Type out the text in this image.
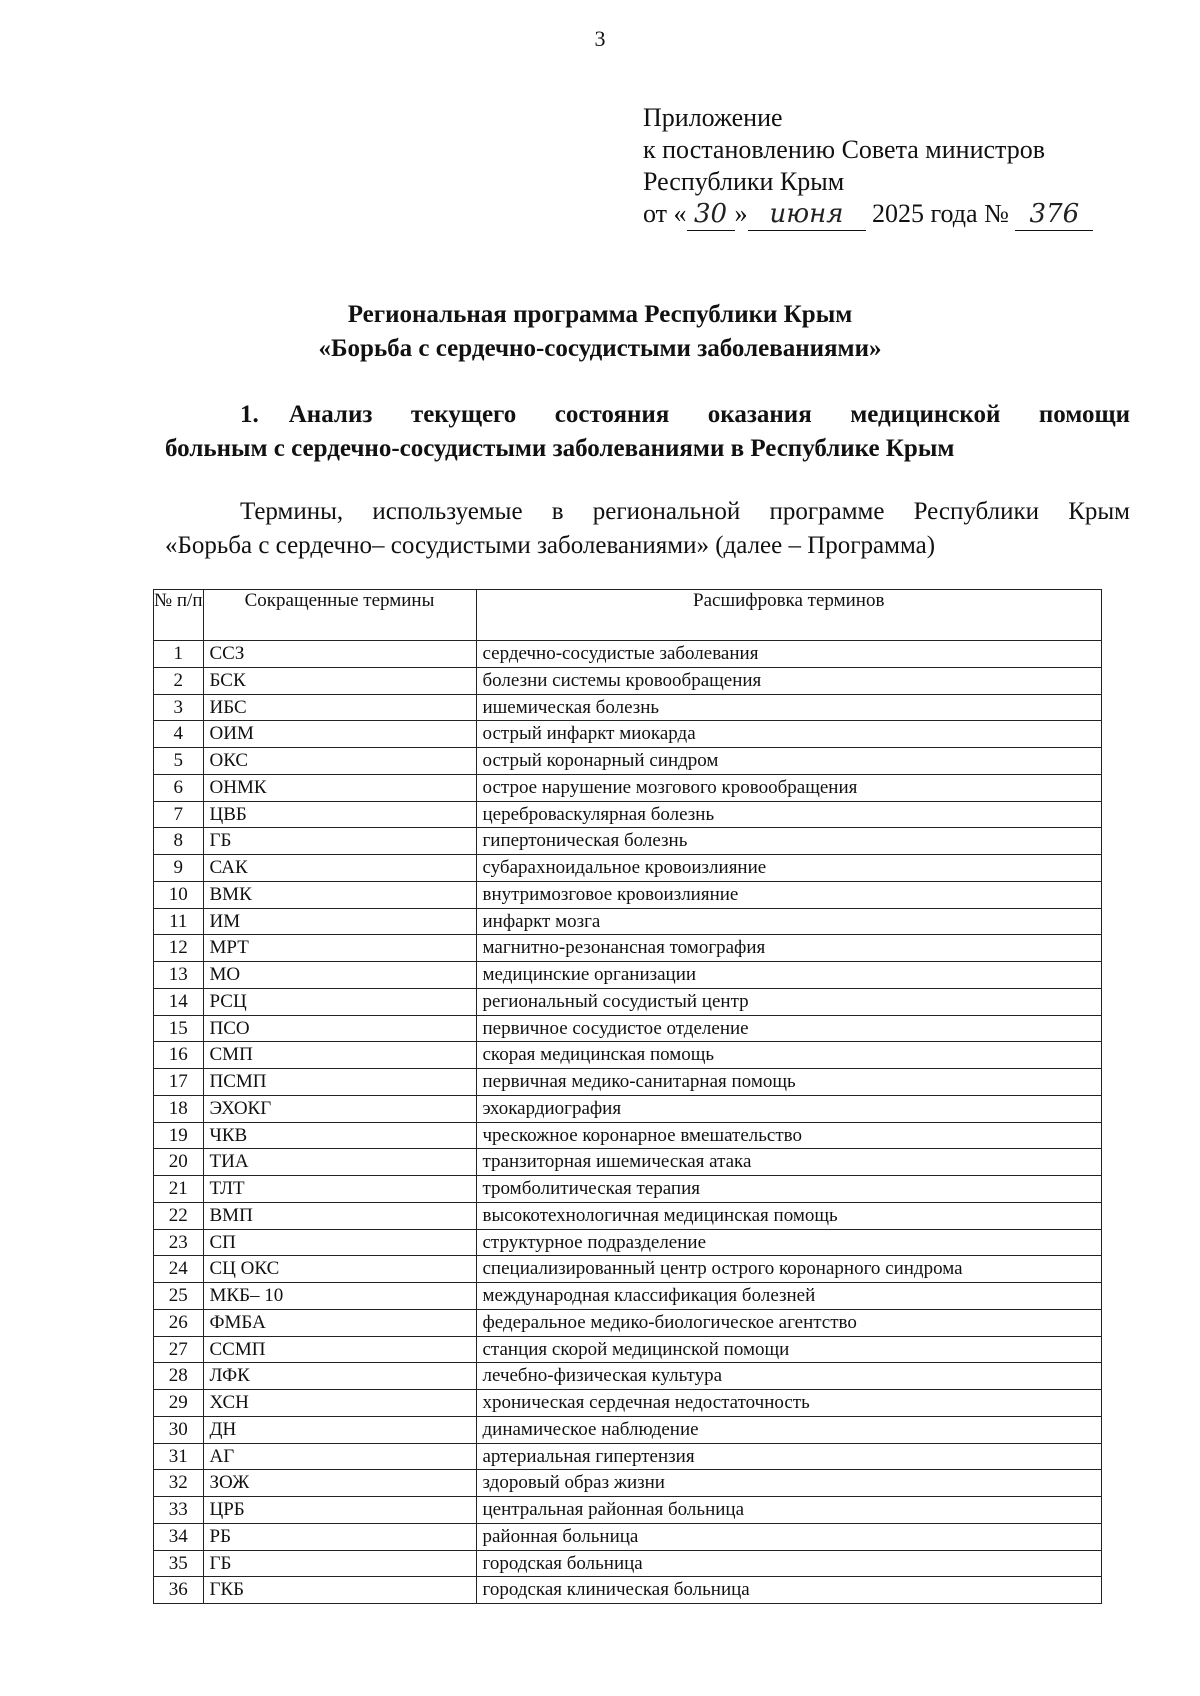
3
Приложение
к постановлению Совета министров
Республики Крым
от « 30 » июня 2025 года № 376
Региональная программа Республики Крым
«Борьба с сердечно-сосудистыми заболеваниями»
1. Анализ текущего состояния оказания медицинской помощи
больным с сердечно-сосудистыми заболеваниями в Республике Крым
Термины, используемые в региональной программе Республики Крым
«Борьба с сердечно– сосудистыми заболеваниями» (далее – Программа)
№ п/п	Сокращенные термины	Расшифровка терминов
1	ССЗ	сердечно-сосудистые заболевания
2	БСК	болезни системы кровообращения
3	ИБС	ишемическая болезнь
4	ОИМ	острый инфаркт миокарда
5	ОКС	острый коронарный синдром
6	ОНМК	острое нарушение мозгового кровообращения
7	ЦВБ	цереброваскулярная болезнь
8	ГБ	гипертоническая болезнь
9	САК	субарахноидальное кровоизлияние
10	ВМК	внутримозговое кровоизлияние
11	ИМ	инфаркт мозга
12	МРТ	магнитно-резонансная томография
13	МО	медицинские организации
14	РСЦ	региональный сосудистый центр
15	ПСО	первичное сосудистое отделение
16	СМП	скорая медицинская помощь
17	ПСМП	первичная медико-санитарная помощь
18	ЭХОКГ	эхокардиография
19	ЧКВ	чрескожное коронарное вмешательство
20	ТИА	транзиторная ишемическая атака
21	ТЛТ	тромболитическая терапия
22	ВМП	высокотехнологичная медицинская помощь
23	СП	структурное подразделение
24	СЦ ОКС	специализированный центр острого коронарного синдрома
25	МКБ– 10	международная классификация болезней
26	ФМБА	федеральное медико-биологическое агентство
27	ССМП	станция скорой медицинской помощи
28	ЛФК	лечебно-физическая культура
29	ХСН	хроническая сердечная недостаточность
30	ДН	динамическое наблюдение
31	АГ	артериальная гипертензия
32	ЗОЖ	здоровый образ жизни
33	ЦРБ	центральная районная больница
34	РБ	районная больница
35	ГБ	городская больница
36	ГКБ	городская клиническая больница
